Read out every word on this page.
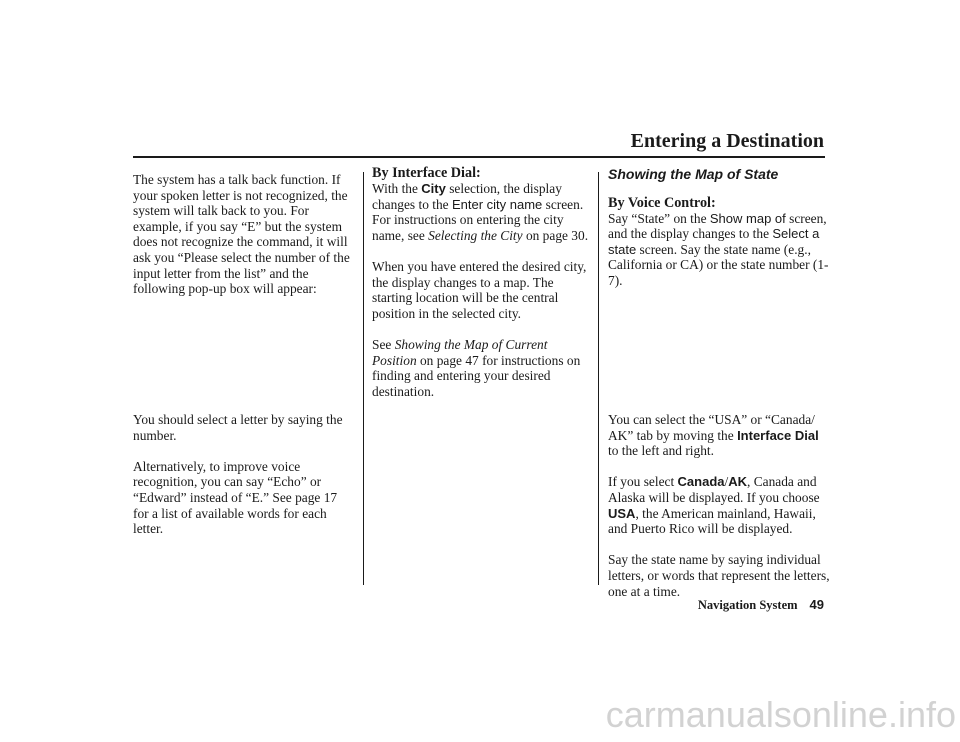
Entering a Destination

The system has a talk back function. If your spoken letter is not recognized, the system will talk back to you. For example, if you say “E” but the system does not recognize the command, it will ask you “Please select the number of the input letter from the list” and the following pop-up box will appear:

You should select a letter by saying the number.

Alternatively, to improve voice recognition, you can say “Echo” or “Edward” instead of “E.” See page 17 for a list of available words for each letter.

By Interface Dial:

With the City selection, the display changes to the Enter city name screen. For instructions on entering the city name, see Selecting the City on page 30.

When you have entered the desired city, the display changes to a map. The starting location will be the central position in the selected city.

See Showing the Map of Current Position on page 47 for instructions on finding and entering your desired destination.

Showing the Map of State
By Voice Control:

Say “State” on the Show map of screen, and the display changes to the Select a state screen. Say the state name (e.g., California or CA) or the state number (1-7).

You can select the “USA” or “Canada/ AK” tab by moving the Interface Dial to the left and right.

If you select Canada/AK, Canada and Alaska will be displayed. If you choose USA, the American mainland, Hawaii, and Puerto Rico will be displayed.

Say the state name by saying individual letters, or words that represent the letters, one at a time.

Navigation System 49
carmanualsonline.info
